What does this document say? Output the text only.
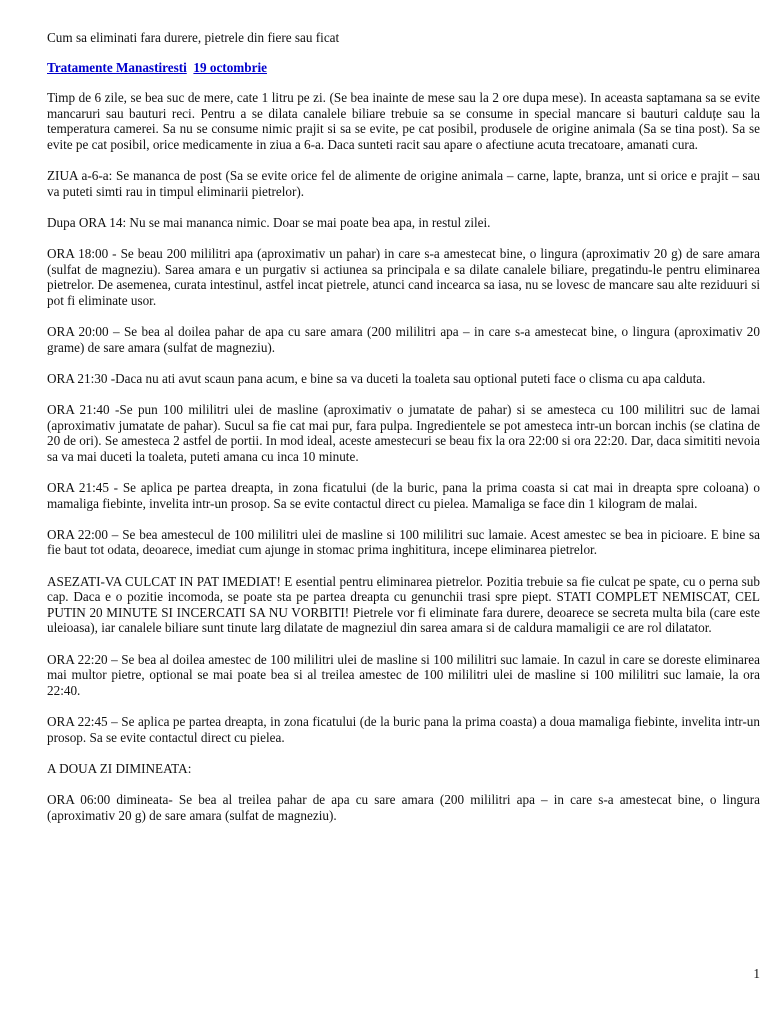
Cum sa eliminati fara durere, pietrele din fiere sau ficat
Tratamente Manastiresti 19 octombrie

Timp de 6 zile, se bea suc de mere, cate 1 litru pe zi. (Se bea inainte de mese sau la 2 ore dupa mese). In aceasta saptamana sa se evite mancaruri sau bauturi reci. Pentru a se dilata canalele biliare trebuie sa se consume in special mancare si bauturi calduțe sau la temperatura camerei. Sa nu se consume nimic prajit si sa se evite, pe cat posibil, produsele de origine animala (Sa se tina post). Sa se evite pe cat posibil, orice medicamente in ziua a 6-a. Daca sunteti racit sau apare o afectiune acuta trecatoare, amanati cura.

ZIUA a-6-a: Se mananca de post (Sa se evite orice fel de alimente de origine animala – carne, lapte, branza, unt si orice e prajit – sau va puteti simti rau in timpul eliminarii pietrelor).

Dupa ORA 14: Nu se mai mananca nimic. Doar se mai poate bea apa, in restul zilei.

ORA 18:00 - Se beau 200 mililitri apa (aproximativ un pahar) in care s-a amestecat bine, o lingura (aproximativ 20 g) de sare amara (sulfat de magneziu). Sarea amara e un purgativ si actiunea sa principala e sa dilate canalele biliare, pregatindu-le pentru eliminarea pietrelor. De asemenea, curata intestinul, astfel incat pietrele, atunci cand incearca sa iasa, nu se lovesc de mancare sau alte reziduuri si pot fi eliminate usor.

ORA 20:00 – Se bea al doilea pahar de apa cu sare amara (200 mililitri apa – in care s-a amestecat bine, o lingura (aproximativ 20 grame) de sare amara (sulfat de magneziu).

ORA 21:30 -Daca nu ati avut scaun pana acum, e bine sa va duceti la toaleta sau optional puteti face o clisma cu apa calduta.

ORA 21:40 -Se pun 100 mililitri ulei de masline (aproximativ o jumatate de pahar) si se amesteca cu 100 mililitri suc de lamai (aproximativ jumatate de pahar). Sucul sa fie cat mai pur, fara pulpa. Ingredientele se pot amesteca intr-un borcan inchis (se clatina de 20 de ori). Se amesteca 2 astfel de portii. In mod ideal, aceste amestecuri se beau fix la ora 22:00 si ora 22:20. Dar, daca simititi nevoia sa va mai duceti la toaleta, puteti amana cu inca 10 minute.

ORA 21:45 - Se aplica pe partea dreapta, in zona ficatului (de la buric, pana la prima coasta si cat mai in dreapta spre coloana) o mamaliga fiebinte, invelita intr-un prosop. Sa se evite contactul direct cu pielea. Mamaliga se face din 1 kilogram de malai.

ORA 22:00 – Se bea amestecul de 100 mililitri ulei de masline si 100 mililitri suc lamaie. Acest amestec se bea in picioare. E bine sa fie baut tot odata, deoarece, imediat cum ajunge in stomac prima inghititura, incepe eliminarea pietrelor.

ASEZATI-VA CULCAT IN PAT IMEDIAT! E esential pentru eliminarea pietrelor. Pozitia trebuie sa fie culcat pe spate, cu o perna sub cap. Daca e o pozitie incomoda, se poate sta pe partea dreapta cu genunchii trasi spre piept. STATI COMPLET NEMISCAT, CEL PUTIN 20 MINUTE SI INCERCATI SA NU VORBITI! Pietrele vor fi eliminate fara durere, deoarece se secreta multa bila (care este uleioasa), iar canalele biliare sunt tinute larg dilatate de magneziul din sarea amara si de caldura mamaligii ce are rol dilatator.

ORA 22:20 – Se bea al doilea amestec de 100 mililitri ulei de masline si 100 mililitri suc lamaie. In cazul in care se doreste eliminarea mai multor pietre, optional se mai poate bea si al treilea amestec de 100 mililitri ulei de masline si 100 mililitri suc lamaie, la ora 22:40.

ORA 22:45 – Se aplica pe partea dreapta, in zona ficatului (de la buric pana la prima coasta) a doua mamaliga fiebinte, invelita intr-un prosop. Sa se evite contactul direct cu pielea.

A DOUA ZI DIMINEATA:

ORA 06:00 dimineata- Se bea al treilea pahar de apa cu sare amara (200 mililitri apa – in care s-a amestecat bine, o lingura (aproximativ 20 g) de sare amara (sulfat de magneziu).

1
